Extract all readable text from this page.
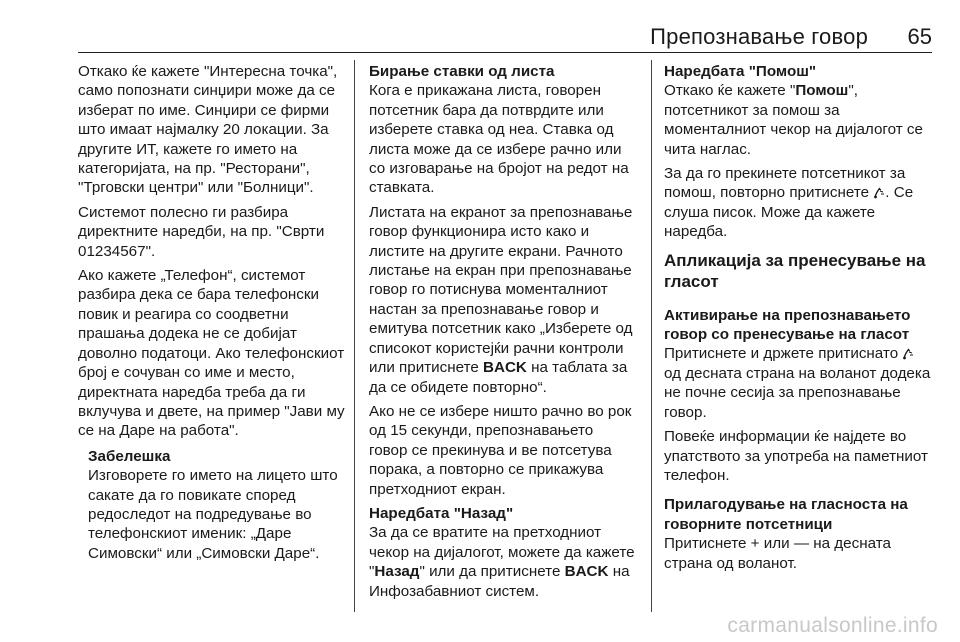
Препознавање говор 65

Откако ќе кажете "Интересна точка", само попознати синџири може да се изберат по име. Синџири се фирми што имаат најмалку 20 локации. За другите ИТ, кажете го името на категоријата, на пр. "Ресторани", "Трговски центри" или "Болници".

Системот полесно ги разбира директните наредби, на пр. "Сврти 01234567".

Ако кажете „Телефон“, системот разбира дека се бара телефонски повик и реагира со соодветни прашања додека не се добијат доволно податоци. Ако телефонскиот број е сочуван со име и место, директната наредба треба да ги вклучува и двете, на пример "Јави му се на Даре на работа".

Забелешка

Изговорете го името на лицето што сакате да го повикате според редоследот на подредување во телефонскиот именик: „Даре Симовски“ или „Симовски Даре“.

Бирање ставки од листа

Кога е прикажана листа, говорен потсетник бара да потврдите или изберете ставка од неа. Ставка од листа може да се избере рачно или со изговарање на бројот на редот на ставката.

Листата на екранот за препознавање говор функционира исто како и листите на другите екрани. Рачното листање на екран при препознавање говор го потиснува моменталниот настан за препознавање говор и емитува потсетник како „Изберете од списокот користејќи рачни контроли или притиснете BACK на таблата за да се обидете повторно“.

Ако не се избере ништо рачно во рок од 15 секунди, препознавањето говор се прекинува и ве потсетува порака, а повторно се прикажува претходниот екран.

Наредбата "Назад"

За да се вратите на претходниот чекор на дијалогот, можете да кажете "Назад" или да притиснете BACK на Инфозабавниот систем.

Наредбата "Помош"

Откако ќе кажете "Помош", потсетникот за помош за моменталниот чекор на дијалогот се чита наглас.

За да го прекинете потсетникот за помош, повторно притиснете . Се слуша писок. Може да кажете наредба.

Апликација за пренесување на гласот
Активирање на препознавањето говор со пренесување на гласот

Притиснете и држете притиснато  од десната страна на воланот додека не почне сесија за препознавање говор.

Повеќе информации ќе најдете во упатството за употреба на паметниот телефон.

Прилагодување на гласноста на говорните потсетници

Притиснете + или — на десната страна од воланот.

carmanualsonline.info
